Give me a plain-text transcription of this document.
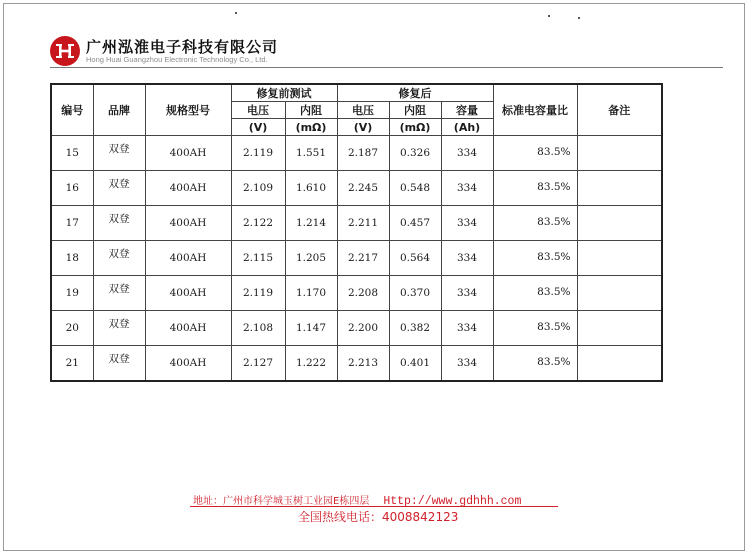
广州泓淮电子科技有限公司
Hong Huai Guangzhou Electronic Technology Co., Ltd.
编号	品牌	规格型号	修复前测试		修复后			标准电容量比	备注
			电压	内阻	电压	内阻	容量		
			(V)	(mΩ)	(V)	(mΩ)	(Ah)		
15	双登	400AH	2.119	1.551	2.187	0.326	334	83.5%	
16	双登	400AH	2.109	1.610	2.245	0.548	334	83.5%	
17	双登	400AH	2.122	1.214	2.211	0.457	334	83.5%	
18	双登	400AH	2.115	1.205	2.217	0.564	334	83.5%	
19	双登	400AH	2.119	1.170	2.208	0.370	334	83.5%	
20	双登	400AH	2.108	1.147	2.200	0.382	334	83.5%	
21	双登	400AH	2.127	1.222	2.213	0.401	334	83.5%	
地址：广州市科学城玉树工业园E栋四层 Http://www.gdhhh.com
全国热线电话：4008842123
